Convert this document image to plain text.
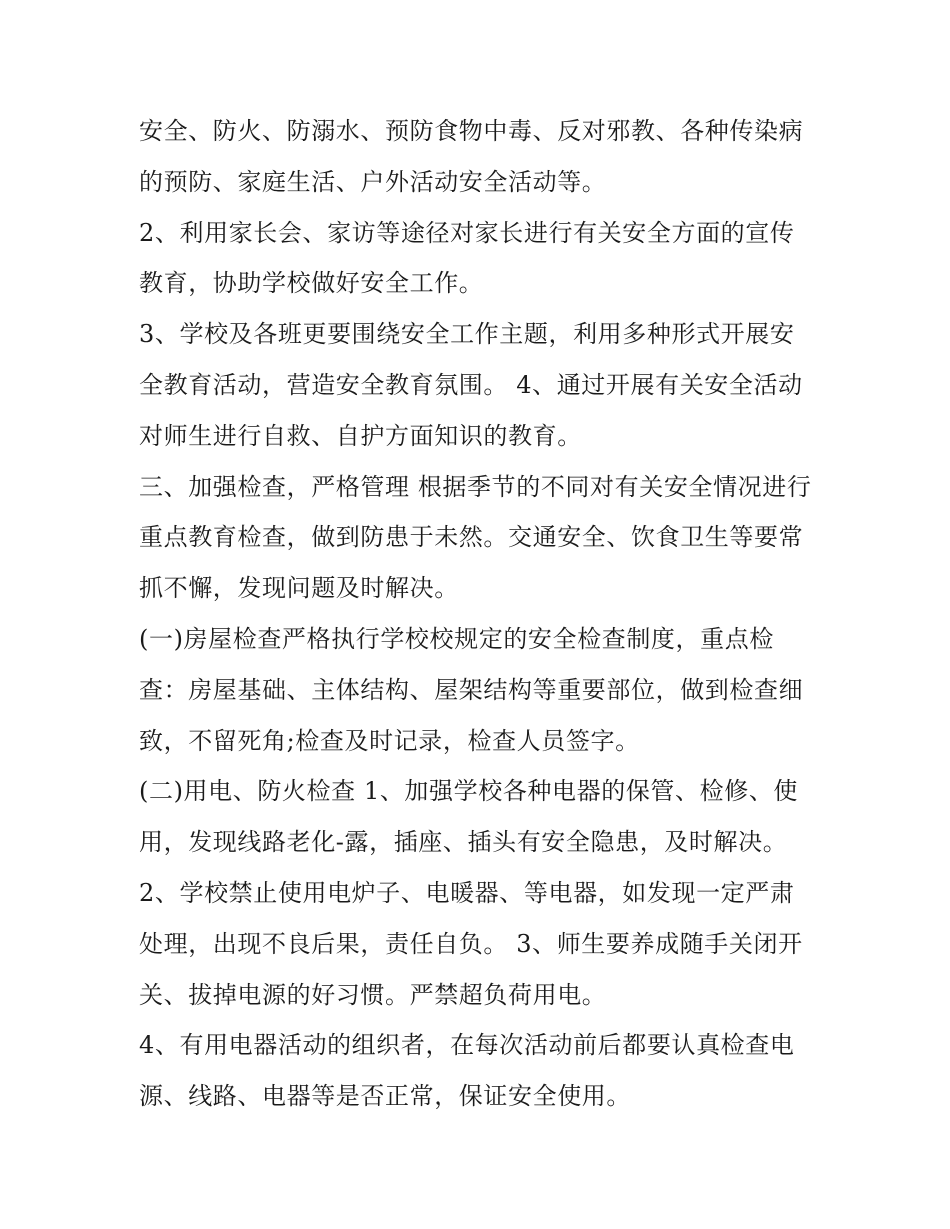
安全、防火、防溺水、预防食物中毒、反对邪教、各种传染病的预防、家庭生活、户外活动安全活动等。

2、利用家长会、家访等途径对家长进行有关安全方面的宣传教育，协助学校做好安全工作。

3、学校及各班更要围绕安全工作主题，利用多种形式开展安全教育活动，营造安全教育氛围。 4、通过开展有关安全活动对师生进行自救、自护方面知识的教育。

三、加强检查，严格管理 根据季节的不同对有关安全情况进行重点教育检查，做到防患于未然。交通安全、饮食卫生等要常抓不懈，发现问题及时解决。

(一)房屋检查严格执行学校校规定的安全检查制度，重点检查：房屋基础、主体结构、屋架结构等重要部位，做到检查细致，不留死角;检查及时记录，检查人员签字。

(二)用电、防火检查 1、加强学校各种电器的保管、检修、使用，发现线路老化-露，插座、插头有安全隐患，及时解决。

2、学校禁止使用电炉子、电暖器、等电器，如发现一定严肃处理，出现不良后果，责任自负。 3、师生要养成随手关闭开关、拔掉电源的好习惯。严禁超负荷用电。

4、有用电器活动的组织者，在每次活动前后都要认真检查电源、线路、电器等是否正常，保证安全使用。
